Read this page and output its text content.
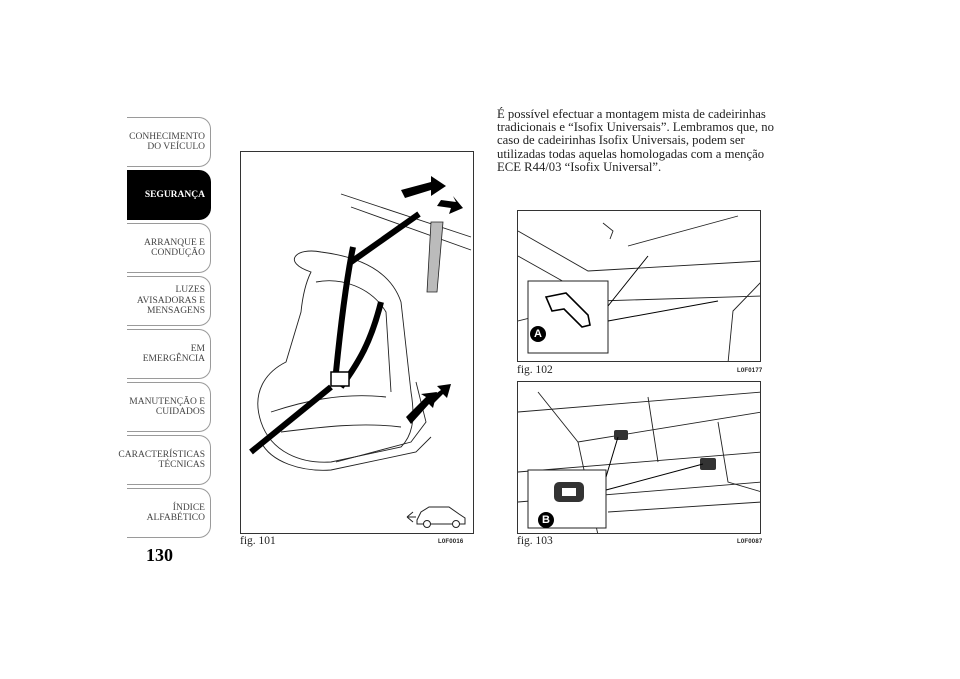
CONHECIMENTO
DO VEÍCULO
SEGURANÇA
ARRANQUE E
CONDUÇÃO
LUZES
AVISADORAS E
MENSAGENS
EM EMERGÊNCIA
MANUTENÇÃO E
CUIDADOS
CARACTERÍSTICAS
TÉCNICAS
ÍNDICE
ALFABÉTICO
130
fig. 101	L0F0016

É possível efectuar a montagem mista de cadeirinhas tradicionais e “Isofix Universais”. Lembramos que, no caso de cadeirinhas Isofix Universais, podem ser utilizadas todas aquelas homologadas com a menção ECE R44/03 “Isofix Universal”.

A
fig. 102	L0F0177
B
fig. 103	L0F0087
